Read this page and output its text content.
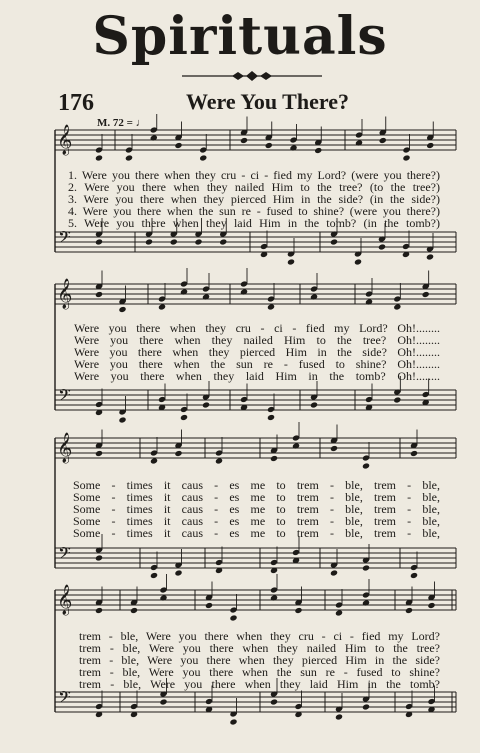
Spirituals
176	Were You There?
M. 72 = ♩
𝄞
𝄢
𝄞
𝄢
𝄞
𝄢
𝄞
𝄢
1. Were you there when they cru - ci - fied my Lord? (were you there?)
2. Were you there when they nailed Him to the tree? (to the tree?)
3. Were you there when they pierced Him in the side? (in the side?)
4. Were you there when the sun re - fused to shine? (were you there?)
5. Were you there when they laid Him in the tomb? (in the tomb?)
Were you there when they cru - ci - fied my Lord? Oh!........
Were you there when they nailed Him to the tree? Oh!........
Were you there when they pierced Him in the side? Oh!........
Were you there when the sun re - fused to shine? Oh!........
Were you there when they laid Him in the tomb? Oh!........
Some - times it caus - es me to trem - ble, trem - ble,
Some - times it caus - es me to trem - ble, trem - ble,
Some - times it caus - es me to trem - ble, trem - ble,
Some - times it caus - es me to trem - ble, trem - ble,
Some - times it caus - es me to trem - ble, trem - ble,
trem - ble, Were you there when they cru - ci - fied my Lord?
trem - ble, Were you there when they nailed Him to the tree?
trem - ble, Were you there when they pierced Him in the side?
trem - ble, Were you there when the sun re - fused to shine?
trem - ble, Were you there when they laid Him in the tomb?
